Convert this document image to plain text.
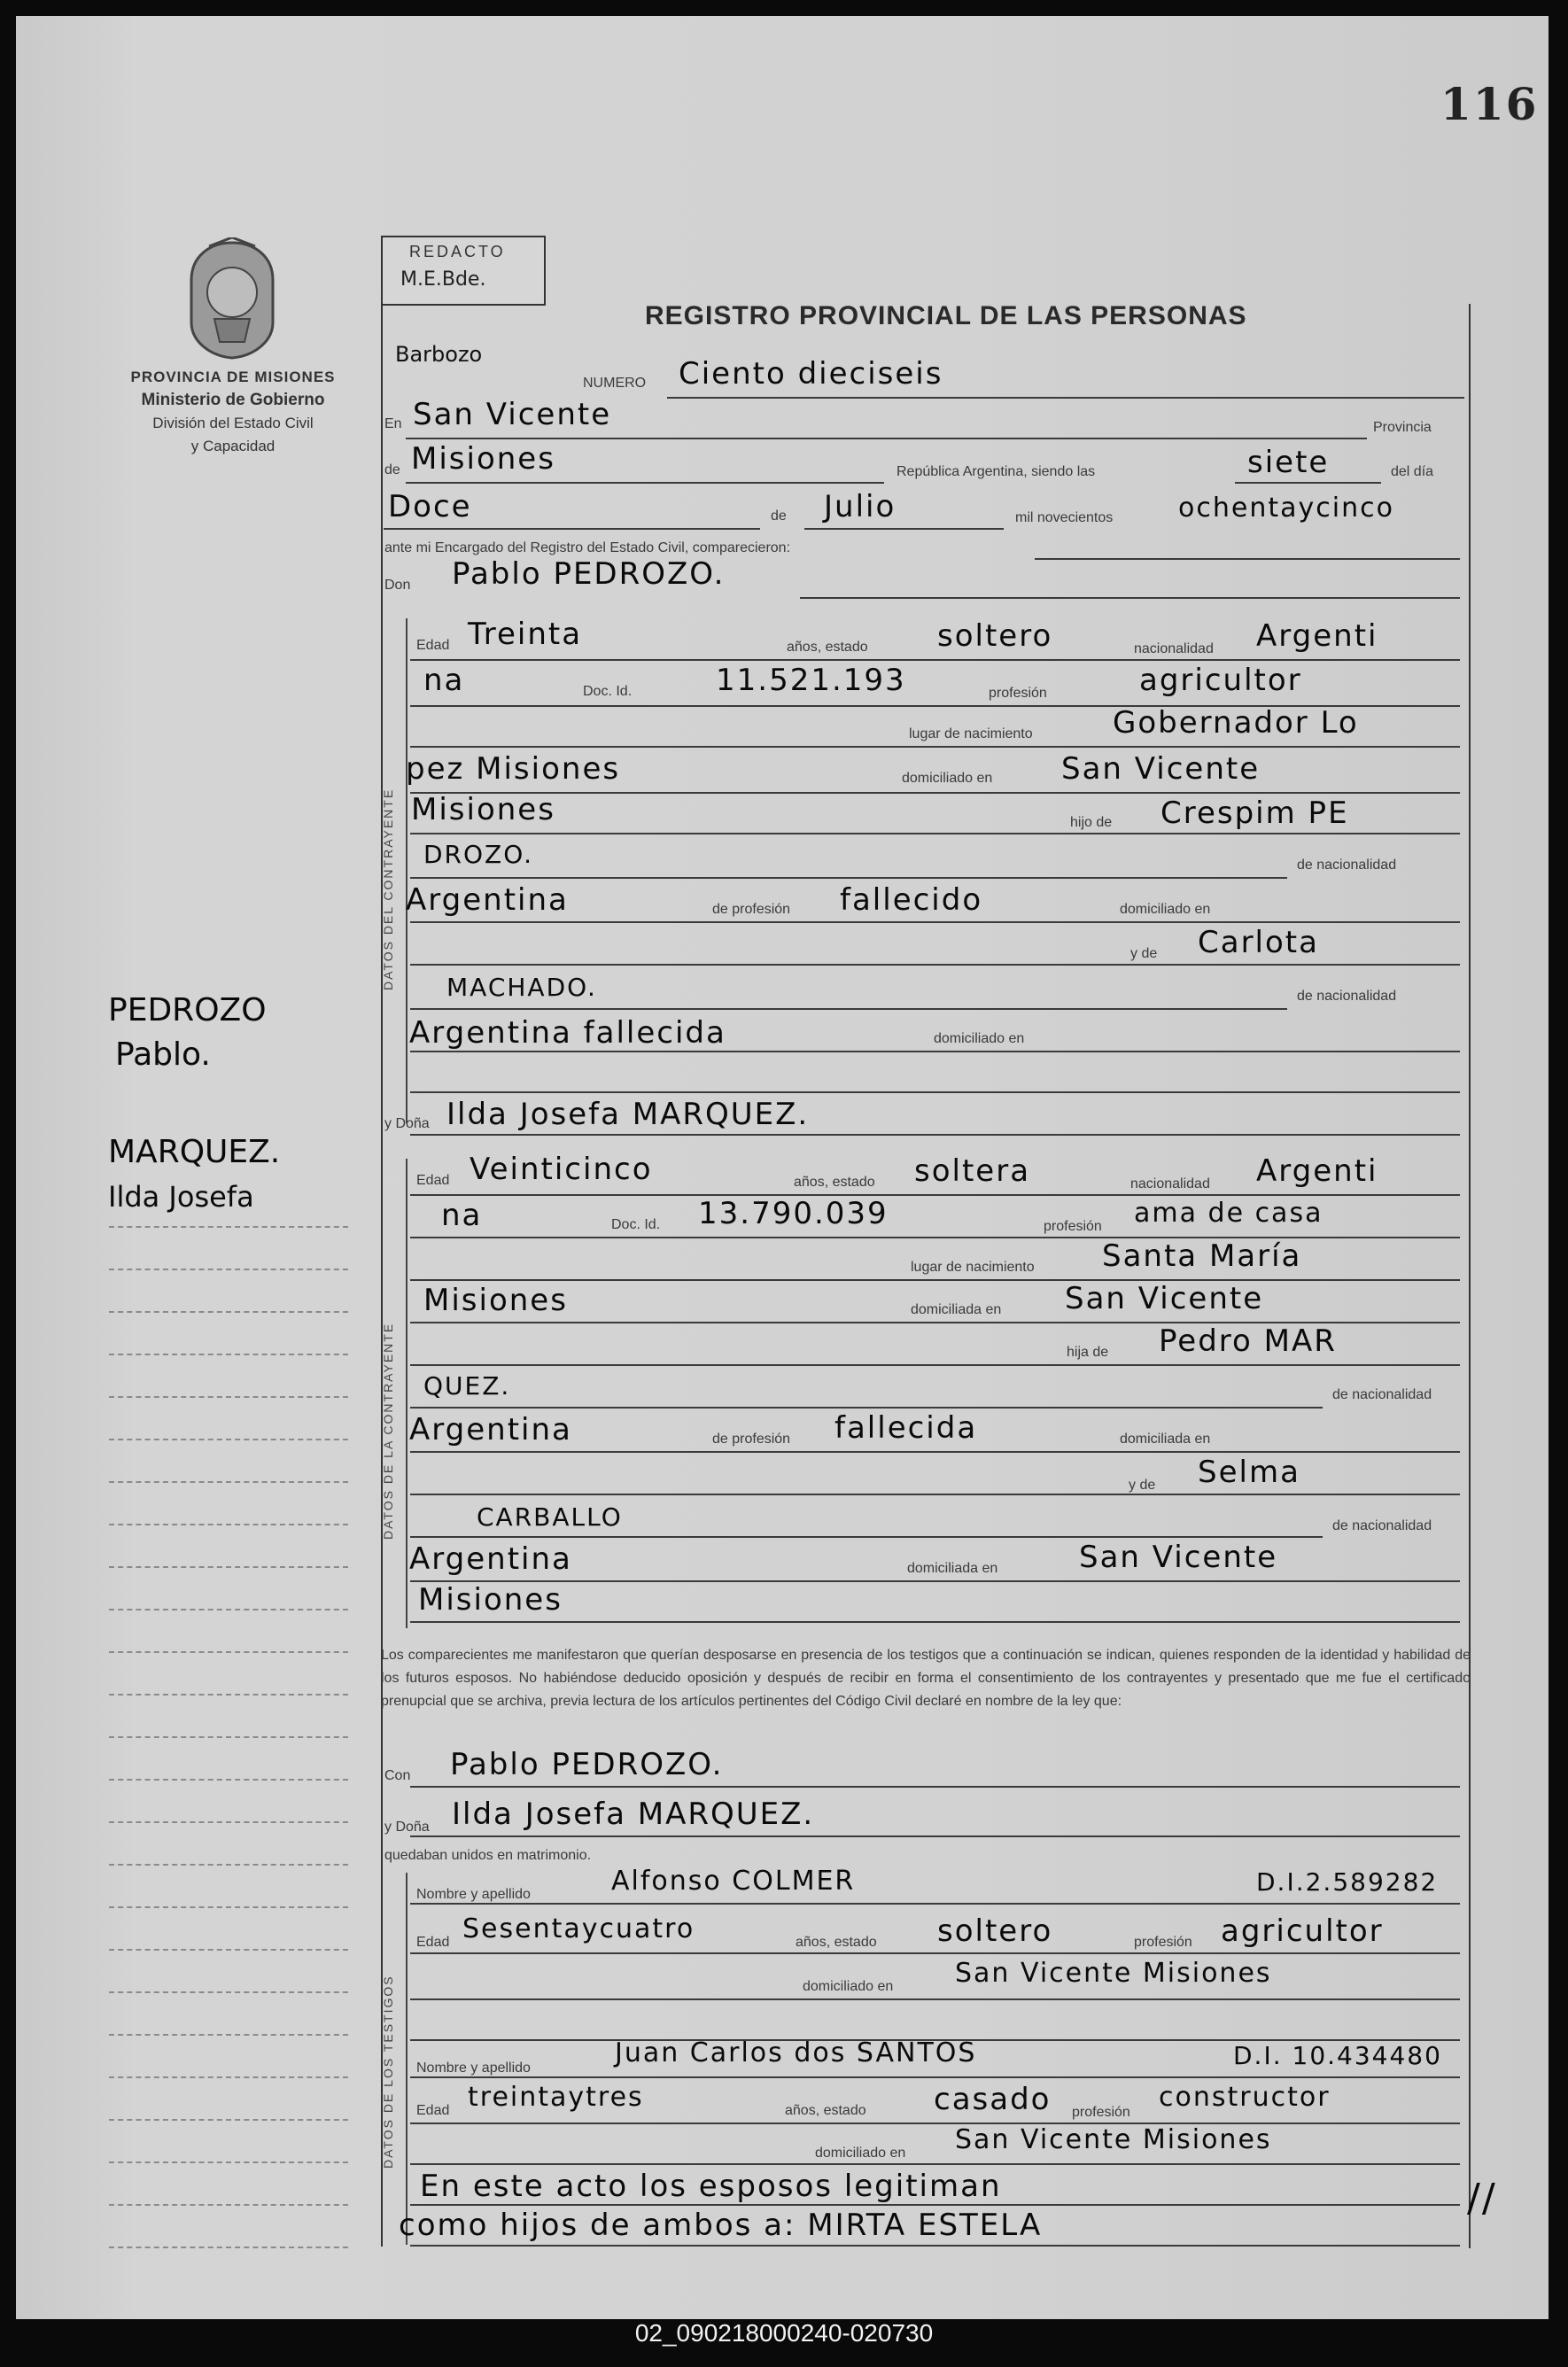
116
PROVINCIA DE MISIONES
Ministerio de Gobierno
División del Estado Civil
y Capacidad
REDACTO
M.E.Bde.
Barbozo
REGISTRO PROVINCIAL DE LAS PERSONAS
NUMERO Ciento dieciseis
En San Vicente	Provincia
de Misiones	República Argentina, siendo las	siete	del día
Doce	de Julio	mil novecientos ochentaycinco
ante mi Encargado del Registro del Estado Civil, comparecieron:
Don Pablo PEDROZO.
DATOS DEL CONTRAYENTE
Edad Treinta	años, estado soltero	nacionalidad Argenti
na	Doc. Id.	11.521.193	profesión	agricultor
lugar de nacimiento	Gobernador Lo
pez Misiones	domiciliado en San Vicente
Misiones	hijo de Crespim PE
DROZO.	de nacionalidad
Argentina	de profesión fallecido	domiciliado en
y de Carlota
MACHADO.	de nacionalidad
Argentina fallecida	domiciliado en
y Doña Ilda Josefa MARQUEZ.
DATOS DE LA CONTRAYENTE
Edad Veinticinco	años, estado soltera	nacionalidad Argenti
na	Doc. Id. 13.790.039	profesión ama de casa
lugar de nacimiento Santa María
Misiones	domiciliada en San Vicente
hija de Pedro MAR
QUEZ.	de nacionalidad
Argentina	de profesión fallecida	domiciliada en
y de Selma
CARBALLO	de nacionalidad
Argentina	domiciliada en	San Vicente
Misiones
Los comparecientes me manifestaron que querían desposarse en presencia de los testigos que a continuación se indican, quienes responden de la identidad y habilidad de los futuros esposos. No habiéndose deducido oposición y después de recibir en forma el consentimiento de los contrayentes y presentado que me fue el certificado prenupcial que se archiva, previa lectura de los artículos pertinentes del Código Civil declaré en nombre de la ley que:
Con Pablo PEDROZO.
y Doña Ilda Josefa MARQUEZ.
quedaban unidos en matrimonio.
DATOS DE LOS TESTIGOS
Nombre y apellido	Alfonso COLMER	D.I.2.589282
Edad Sesentaycuatro	años, estado soltero	profesión agricultor
domiciliado en San Vicente Misiones
Nombre y apellido	Juan Carlos dos SANTOS	D.I. 10.434480
Edad treintaytres	años, estado casado profesión constructor
domiciliado en San Vicente Misiones
En este acto los esposos legitiman
como hijos de ambos a: MIRTA ESTELA
//
PEDROZO
Pablo.
MARQUEZ.
Ilda Josefa
02_090218000240-020730
